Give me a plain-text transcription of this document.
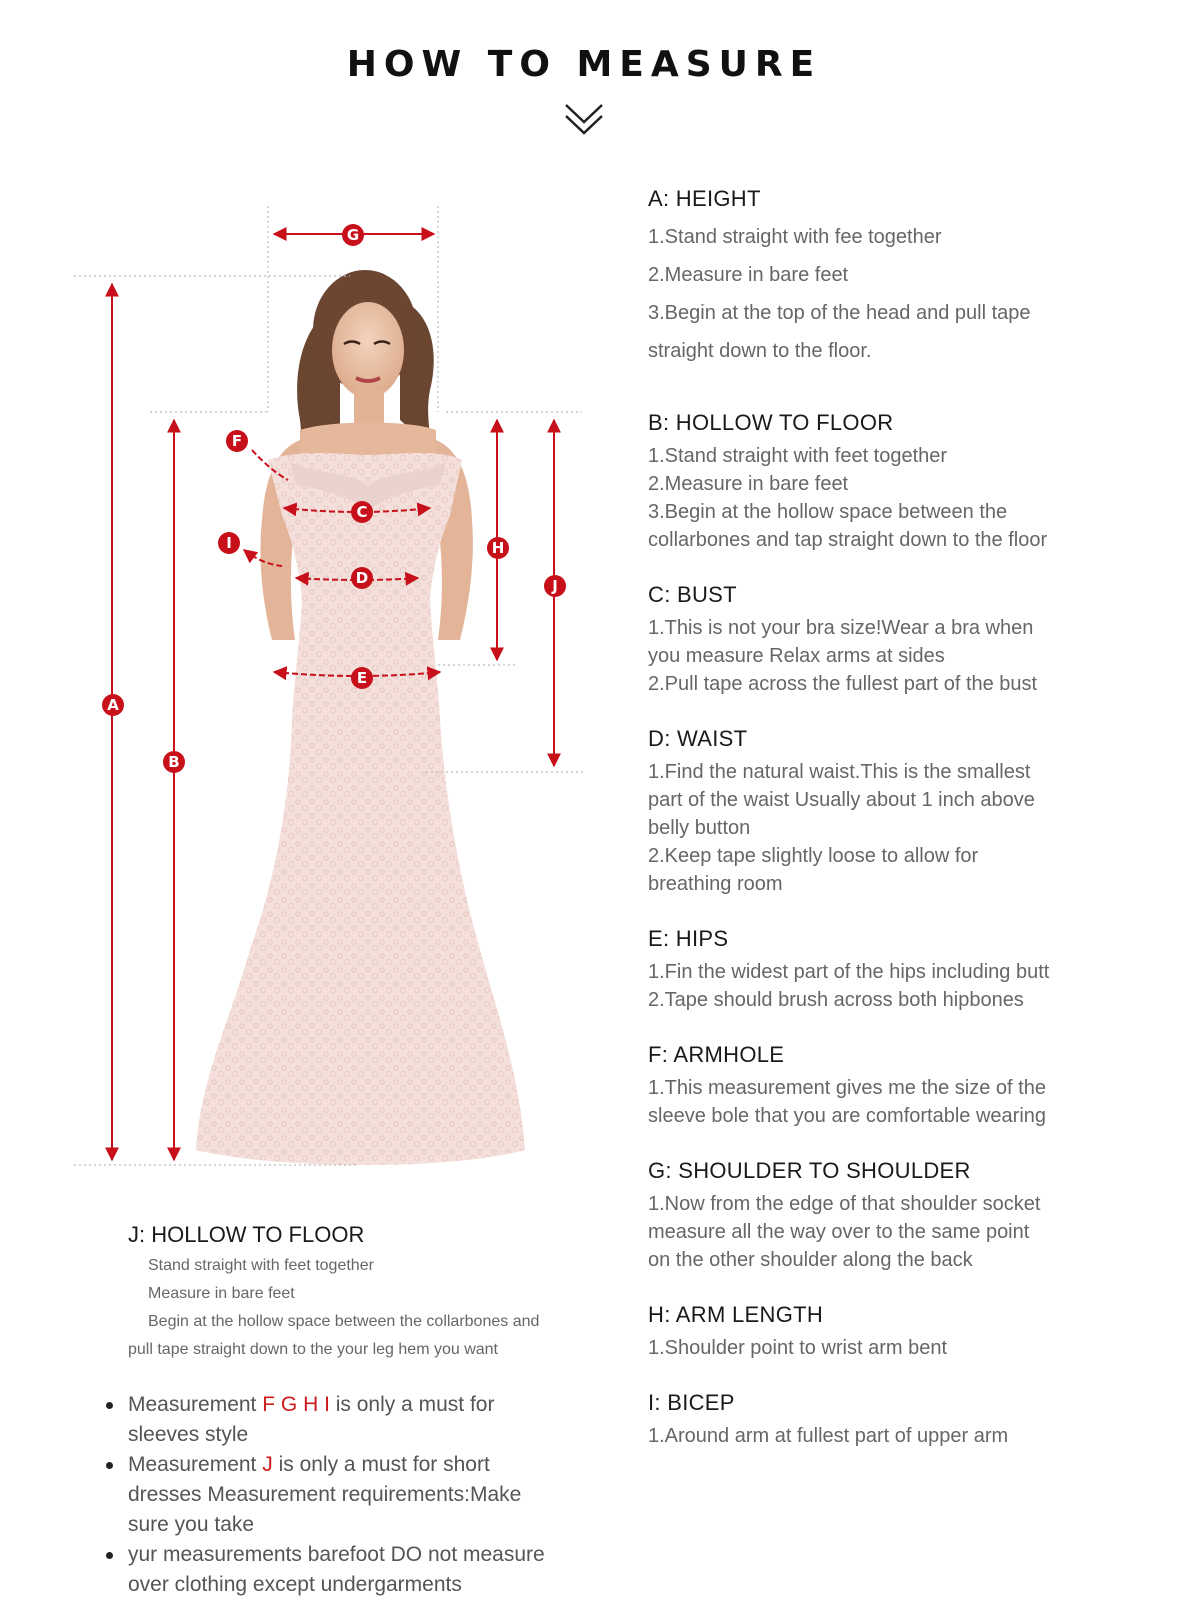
HOW TO MEASURE
A
B
C
D
E
F
G
H
I
J
A: HEIGHT
1.Stand straight with fee together
2.Measure in bare feet
3.Begin at the top of the head and pull tape
straight down to the floor.
B: HOLLOW TO FLOOR
1.Stand straight with feet together
2.Measure in bare feet
3.Begin at the hollow space between the
collarbones and tap straight down to the floor
C: BUST
1.This is not your bra size!Wear a bra when
you measure Relax arms at sides
2.Pull tape across the fullest part of the bust
D: WAIST
1.Find the natural waist.This is the smallest
part of the waist Usually about 1 inch above
belly button
2.Keep tape slightly loose to allow for
breathing room
E: HIPS
1.Fin the widest part of the hips including butt
2.Tape should brush across both hipbones
F: ARMHOLE
1.This measurement gives me the size of the
sleeve bole that you are comfortable wearing
G: SHOULDER TO SHOULDER
1.Now from the edge of that shoulder socket
measure all the way over to the same point
on the other shoulder along the back
H: ARM LENGTH
1.Shoulder point to wrist arm bent
I: BICEP
1.Around arm at fullest part of upper arm
J: HOLLOW TO FLOOR
Stand straight with feet together
Measure in bare feet
Begin at the hollow space between the collarbones and
pull tape straight down to the your leg hem you want
Measurement F G H I is only a must for
sleeves style
Measurement J is only a must for short
dresses Measurement requirements:Make
sure you take
yur measurements barefoot DO not measure
over clothing except undergarments
